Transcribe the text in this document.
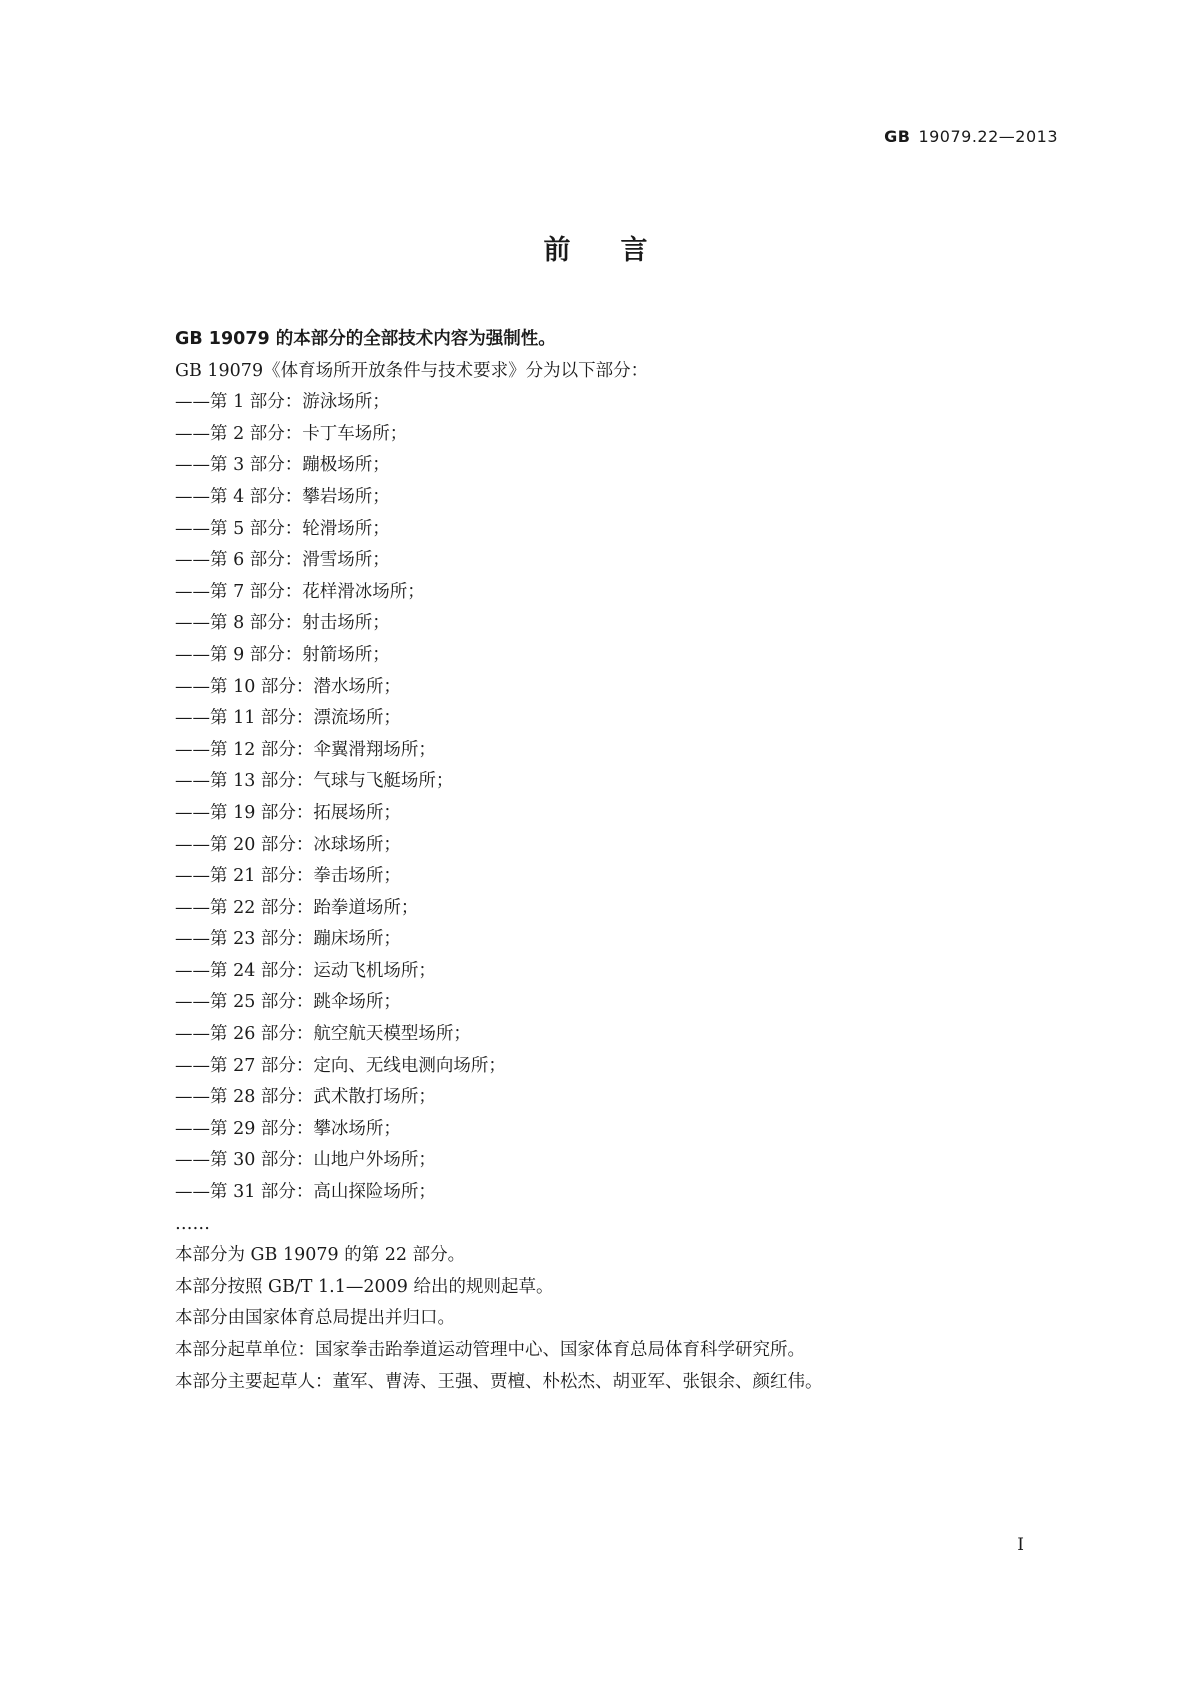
GB 19079.22—2013
前言
GB 19079 的本部分的全部技术内容为强制性。
GB 19079《体育场所开放条件与技术要求》分为以下部分：
——第 1 部分：游泳场所；
——第 2 部分：卡丁车场所；
——第 3 部分：蹦极场所；
——第 4 部分：攀岩场所；
——第 5 部分：轮滑场所；
——第 6 部分：滑雪场所；
——第 7 部分：花样滑冰场所；
——第 8 部分：射击场所；
——第 9 部分：射箭场所；
——第 10 部分：潜水场所；
——第 11 部分：漂流场所；
——第 12 部分：伞翼滑翔场所；
——第 13 部分：气球与飞艇场所；
——第 19 部分：拓展场所；
——第 20 部分：冰球场所；
——第 21 部分：拳击场所；
——第 22 部分：跆拳道场所；
——第 23 部分：蹦床场所；
——第 24 部分：运动飞机场所；
——第 25 部分：跳伞场所；
——第 26 部分：航空航天模型场所；
——第 27 部分：定向、无线电测向场所；
——第 28 部分：武术散打场所；
——第 29 部分：攀冰场所；
——第 30 部分：山地户外场所；
——第 31 部分：高山探险场所；
……
本部分为 GB 19079 的第 22 部分。
本部分按照 GB/T 1.1—2009 给出的规则起草。
本部分由国家体育总局提出并归口。
本部分起草单位：国家拳击跆拳道运动管理中心、国家体育总局体育科学研究所。
本部分主要起草人：董军、曹涛、王强、贾檀、朴松杰、胡亚军、张银余、颜红伟。
I
